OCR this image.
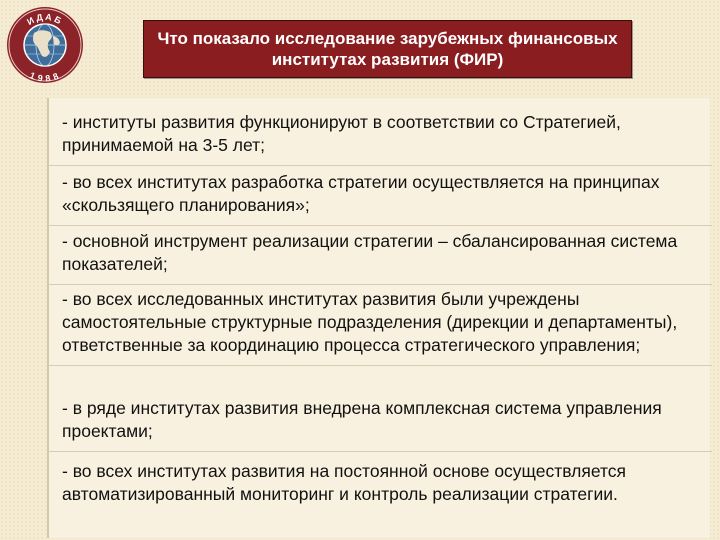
ИДАБ
1988
Что показало исследование зарубежных финансовых институтах развития (ФИР)
- институты развития функционируют в соответствии со Стратегией, принимаемой на 3-5 лет;
- во всех институтах разработка стратегии осуществляется на принципах «скользящего планирования»;
- основной инструмент реализации стратегии – сбалансированная система показателей;
- во всех исследованных институтах развития были учреждены самостоятельные структурные подразделения (дирекции и департаменты), ответственные за координацию процесса стратегического управления;
- в ряде институтах развития внедрена комплексная система управления проектами;
- во всех институтах развития на постоянной основе осуществляется автоматизированный мониторинг и контроль реализации стратегии.
